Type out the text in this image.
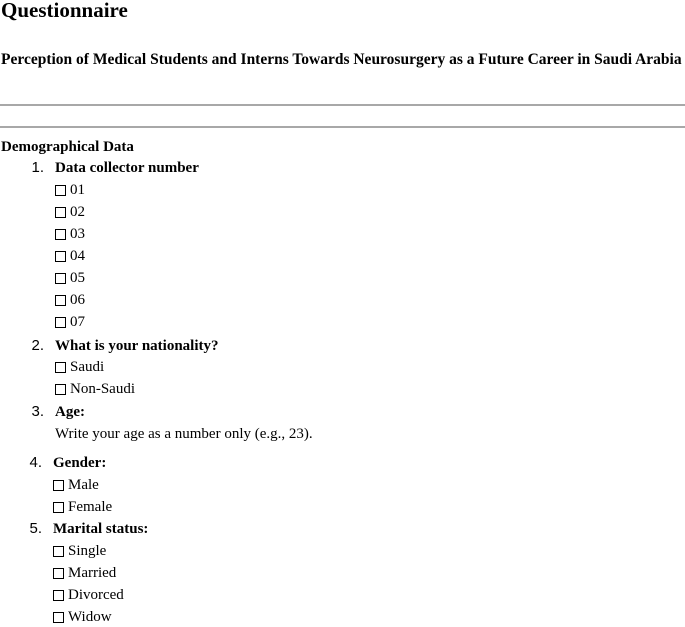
Questionnaire

Perception of Medical Students and Interns Towards Neurosurgery as a Future Career in Saudi Arabia

Demographical Data

1. Data collector number
01
02
03
04
05
06
07
2. What is your nationality?
Saudi
Non-Saudi
3. Age:
Write your age as a number only (e.g., 23).
4. Gender:
Male
Female
5. Marital status:
Single
Married
Divorced
Widow
